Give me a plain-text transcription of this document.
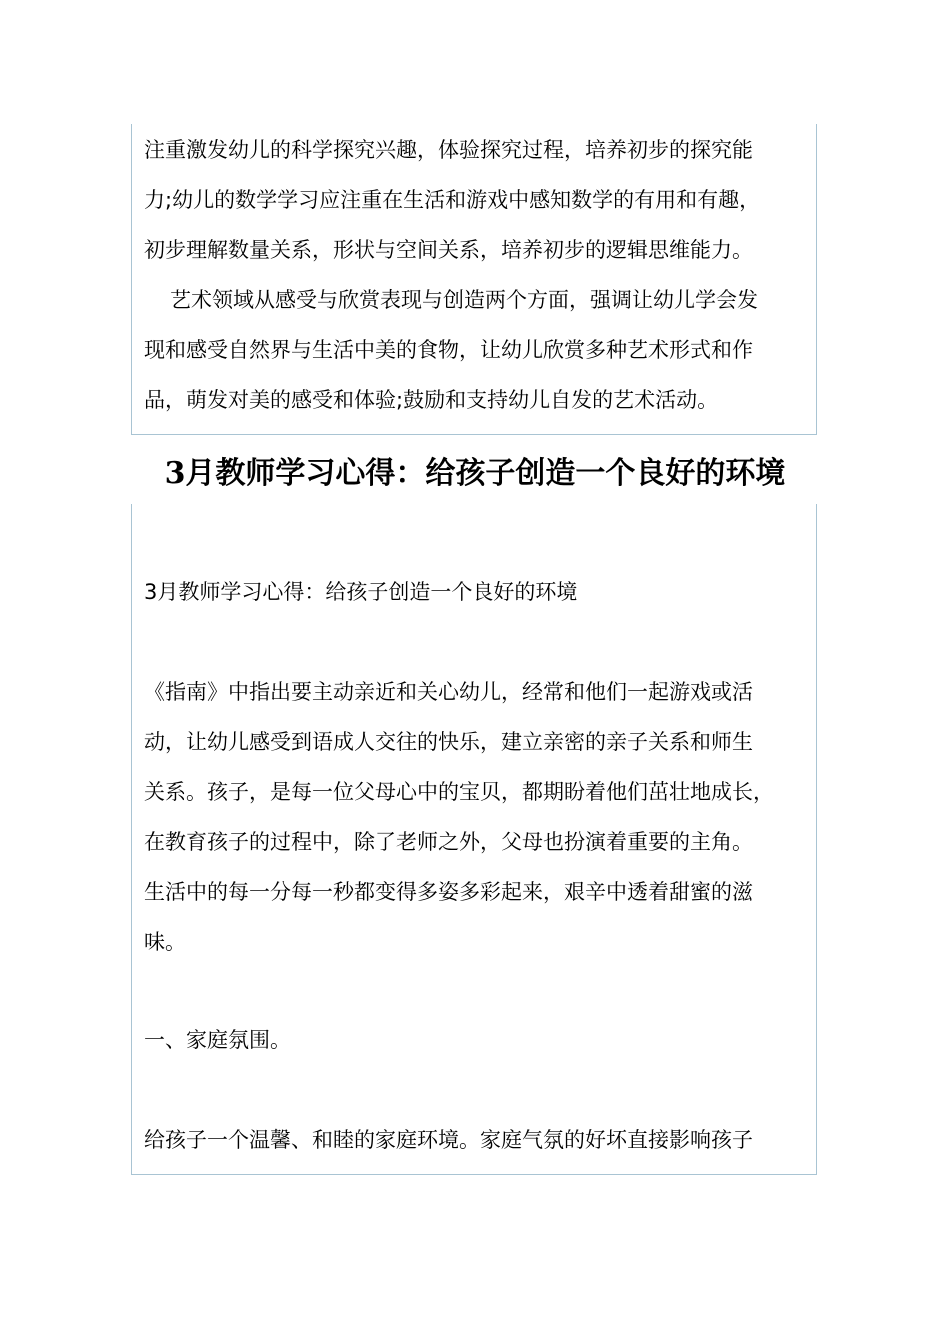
注重激发幼儿的科学探究兴趣，体验探究过程，培养初步的探究能
力;幼儿的数学学习应注重在生活和游戏中感知数学的有用和有趣，
初步理解数量关系，形状与空间关系，培养初步的逻辑思维能力。
艺术领域从感受与欣赏表现与创造两个方面，强调让幼儿学会发
现和感受自然界与生活中美的食物，让幼儿欣赏多种艺术形式和作
品，萌发对美的感受和体验;鼓励和支持幼儿自发的艺术活动。
3月教师学习心得：给孩子创造一个良好的环境
3月教师学习心得：给孩子创造一个良好的环境
《指南》中指出要主动亲近和关心幼儿，经常和他们一起游戏或活
动，让幼儿感受到语成人交往的快乐，建立亲密的亲子关系和师生
关系。孩子，是每一位父母心中的宝贝，都期盼着他们茁壮地成长，
在教育孩子的过程中，除了老师之外，父母也扮演着重要的主角。
生活中的每一分每一秒都变得多姿多彩起来，艰辛中透着甜蜜的滋
味。
一、家庭氛围。
给孩子一个温馨、和睦的家庭环境。家庭气氛的好坏直接影响孩子
